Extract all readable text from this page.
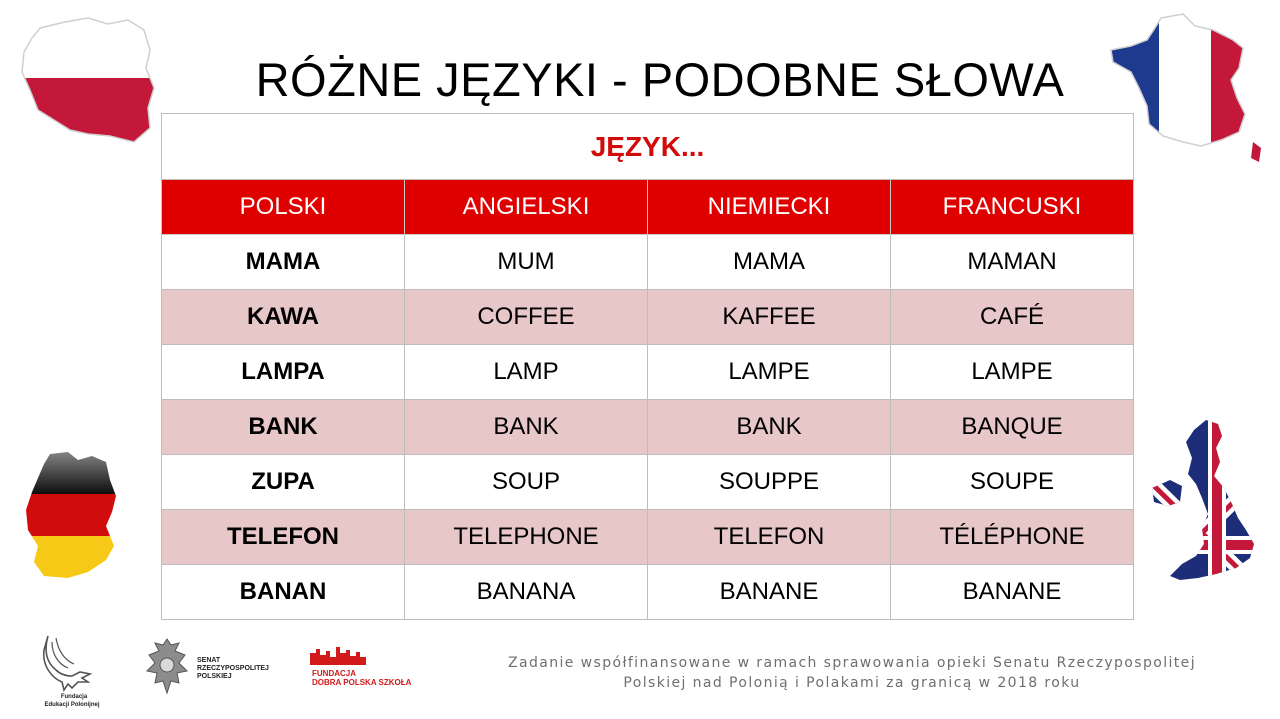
RÓŻNE JĘZYKI - PODOBNE SŁOWA
JĘZYK...			
POLSKI	ANGIELSKI	NIEMIECKI	FRANCUSKI
MAMA	MUM	MAMA	MAMAN
KAWA	COFFEE	KAFFEE	CAFÉ
LAMPA	LAMP	LAMPE	LAMPE
BANK	BANK	BANK	BANQUE
ZUPA	SOUP	SOUPPE	SOUPE
TELEFON	TELEPHONE	TELEFON	TÉLÉPHONE
BANAN	BANANA	BANANE	BANANE
Fundacja
Edukacji Polonijnej
SENAT
RZECZYPOSPOLITEJ
POLSKIEJ	FUNDACJA
DOBRA POLSKA SZKOŁA
Zadanie współfinansowane w ramach sprawowania opieki Senatu Rzeczypospolitej
Polskiej nad Polonią i Polakami za granicą w 2018 roku
